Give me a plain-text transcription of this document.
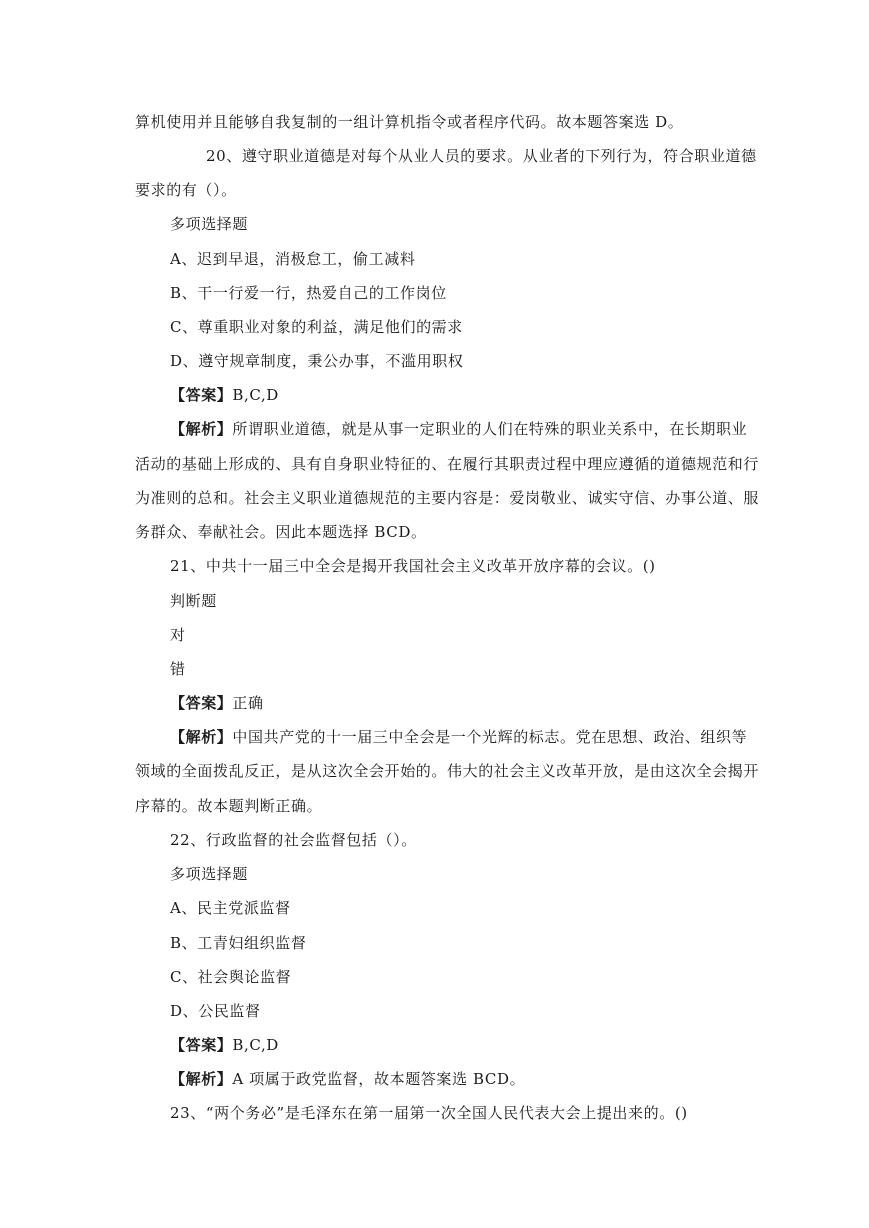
算机使用并且能够自我复制的一组计算机指令或者程序代码。故本题答案选 D。
20、遵守职业道德是对每个从业人员的要求。从业者的下列行为，符合职业道德
要求的有（）。
多项选择题
A、迟到早退，消极怠工，偷工减料
B、干一行爱一行，热爱自己的工作岗位
C、尊重职业对象的利益，满足他们的需求
D、遵守规章制度，秉公办事，不滥用职权
【答案】B,C,D
【解析】所谓职业道德，就是从事一定职业的人们在特殊的职业关系中，在长期职业
活动的基础上形成的、具有自身职业特征的、在履行其职责过程中理应遵循的道德规范和行
为准则的总和。社会主义职业道德规范的主要内容是：爱岗敬业、诚实守信、办事公道、服
务群众、奉献社会。因此本题选择 BCD。
21、中共十一届三中全会是揭开我国社会主义改革开放序幕的会议。()
判断题
对
错
【答案】正确
【解析】中国共产党的十一届三中全会是一个光辉的标志。党在思想、政治、组织等
领域的全面拨乱反正，是从这次全会开始的。伟大的社会主义改革开放，是由这次全会揭开
序幕的。故本题判断正确。
22、行政监督的社会监督包括（）。
多项选择题
A、民主党派监督
B、工青妇组织监督
C、社会舆论监督
D、公民监督
【答案】B,C,D
【解析】A 项属于政党监督，故本题答案选 BCD。
23、“两个务必”是毛泽东在第一届第一次全国人民代表大会上提出来的。()
